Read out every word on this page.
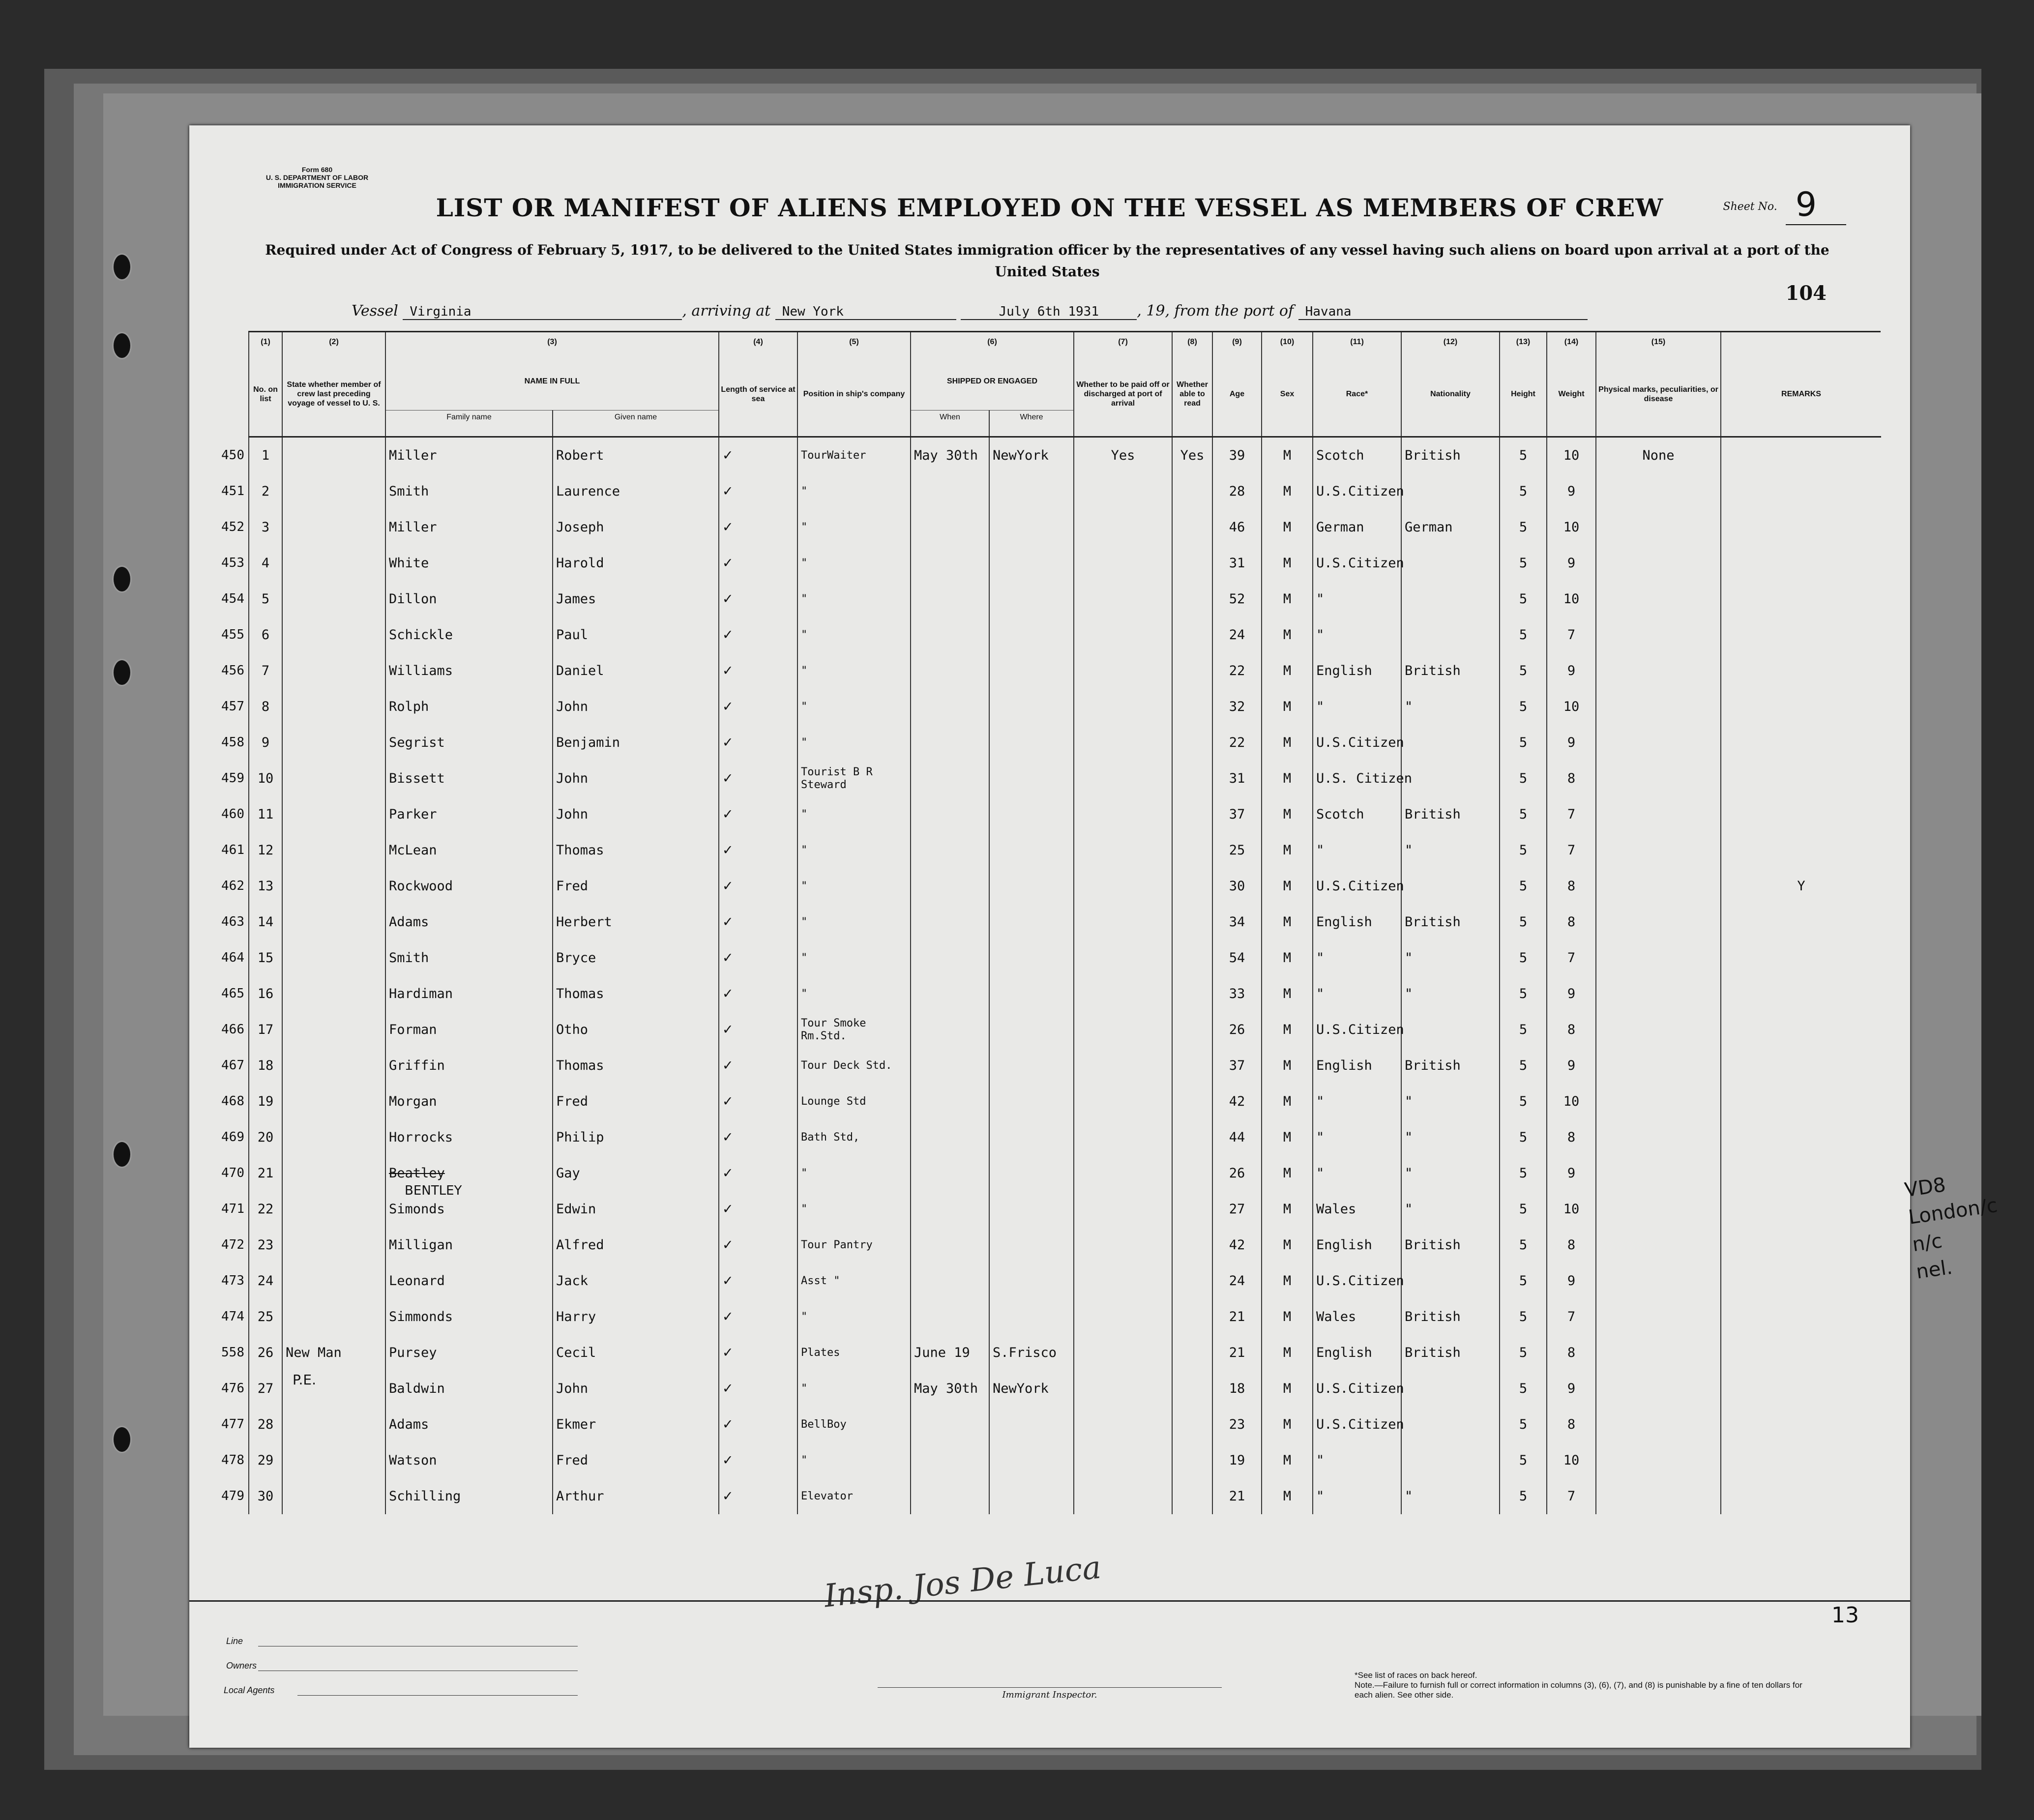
Form 680
U. S. DEPARTMENT OF LABOR
IMMIGRATION SERVICE
Sheet No. 9
LIST OR MANIFEST OF ALIENS EMPLOYED ON THE VESSEL AS MEMBERS OF CREW
Required under Act of Congress of February 5, 1917, to be delivered to the United States immigration officer by the representatives of any vessel having such aliens on board upon arrival at a port of the United States
104
Vessel Virginia	, arriving at New York	July 6th 1931	, 19, from the port of Havana
(1)	(2)	(3)		(4)	(5)	(6)		(7)	(8)	(9)	(10)	(11)	(12)	(13)	(14)	(15)	
No. on list	State whether member of crew last preceding voyage of vessel to U. S.	NAME IN FULL		Length of service at sea	Position in ship's company	SHIPPED OR ENGAGED		Whether to be paid off or discharged at port of arrival	Whether able to read	Age	Sex	Race*	Nationality	Height	Weight	Physical marks, peculiarities, or disease	REMARKS
		Family name	Given name			When	Where										

450 1		Miller	Robert	✓	TourWaiter	May 30th	NewYork	Yes	Yes	39	M	Scotch	British	5	10	None	

451 2		Smith	Laurence	✓	"					28	M	U.S.Citizen		5	9		

452 3		Miller	Joseph	✓	"					46	M	German	German	5	10		

453 4		White	Harold	✓	"					31	M	U.S.Citizen		5	9		

454 5		Dillon	James	✓	"					52	M	"		5	10		

455 6		Schickle	Paul	✓	"					24	M	"		5	7		

456 7		Williams	Daniel	✓	"					22	M	English	British	5	9		

457 8		Rolph	John	✓	"					32	M	"	"	5	10		

458 9		Segrist	Benjamin	✓	"					22	M	U.S.Citizen		5	9		

459 10		Bissett	John	✓	Tourist B R Steward					31	M	U.S. Citizen		5	8		

460 11		Parker	John	✓	"					37	M	Scotch	British	5	7		

461 12		McLean	Thomas	✓	"					25	M	"	"	5	7		

462 13		Rockwood	Fred	✓	"					30	M	U.S.Citizen		5	8		Y

463 14		Adams	Herbert	✓	"					34	M	English	British	5	8		

464 15		Smith	Bryce	✓	"					54	M	"	"	5	7		

465 16		Hardiman	Thomas	✓	"					33	M	"	"	5	9		

466 17		Forman	Otho	✓	Tour Smoke Rm.Std.					26	M	U.S.Citizen		5	8		

467 18		Griffin	Thomas	✓	Tour Deck Std.					37	M	English	British	5	9		

468 19		Morgan	Fred	✓	Lounge Std					42	M	"	"	5	10		

469 20		Horrocks	Philip	✓	Bath Std,					44	M	"	"	5	8		

470 21		Beatley	Gay	✓	"					26	M	"	"	5	9		

471 22		Simonds	Edwin	✓	"					27	M	Wales	"	5	10		

472 23		Milligan	Alfred	✓	Tour Pantry					42	M	English	British	5	8		

473 24		Leonard	Jack	✓	Asst "					24	M	U.S.Citizen		5	9		

474 25		Simmonds	Harry	✓	"					21	M	Wales	British	5	7		

558 26	New Man	Pursey	Cecil	✓	Plates	June 19	S.Frisco			21	M	English	British	5	8		

476 27		Baldwin	John	✓	"	May 30th	NewYork			18	M	U.S.Citizen		5	9		

477 28		Adams	Ekmer	✓	BellBoy					23	M	U.S.Citizen		5	8		

478 29		Watson	Fred	✓	"					19	M	"		5	10		

479 30		Schilling	Arthur	✓	Elevator					21	M	"	"	5	7		
BENTLEY
P.E.
Insp. Jos De Luca
13
VD8
London/c
n/c
nel.
Line
Owners
Local Agents	Immigrant Inspector.
*See list of races on back hereof.
Note.—Failure to furnish full or correct information in columns (3), (6), (7), and (8) is punishable by a fine of ten dollars for each alien. See other side.
